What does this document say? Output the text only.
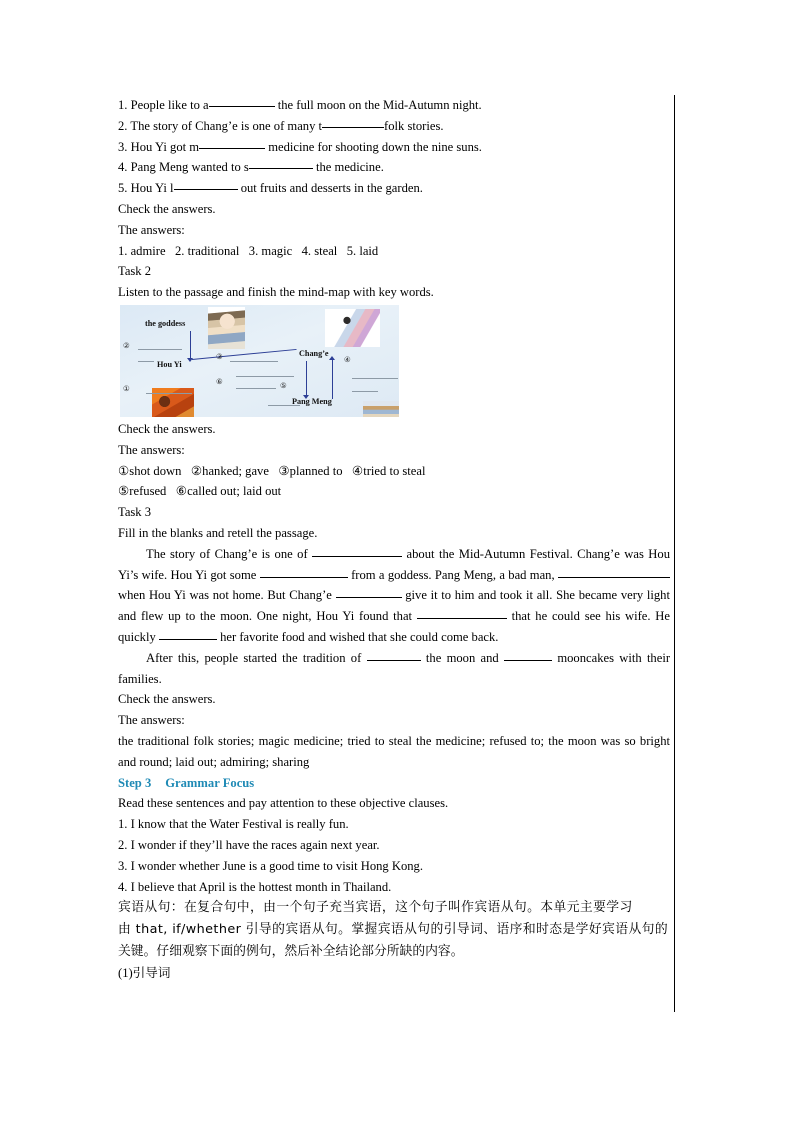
1. People like to a	the full moon on the Mid-Autumn night.
2. The story of Chang’e is one of many t	folk stories.
3. Hou Yi got m	medicine for shooting down the nine suns.
4. Pang Meng wanted to s	the medicine.
5. Hou Yi l	out fruits and desserts in the garden.
Check the answers.
The answers:
1. admire   2. traditional   3. magic   4. steal   5. laid
Task 2
Listen to the passage and finish the mind-map with key words.
the goddess
Hou Yi
Chang’e
Pang Meng
②
①
③
⑥
④
⑤
Check the answers.
The answers:
①shot down   ②hanked; gave   ③planned to   ④tried to steal
⑤refused   ⑥called out; laid out
Task 3
Fill in the blanks and retell the passage.
The story of Chang’e is one of	about the Mid-Autumn Festival. Chang’e was Hou Yi’s wife. Hou Yi got some	from a goddess. Pang Meng, a bad man, when Hou Yi was not home. But Chang’e	give it to him and took it all. She became very light and flew up to the moon. One night, Hou Yi found that	that he could see his wife. He quickly	her favorite food and wished that she could come back.
After this, people started the tradition of	the moon and	mooncakes with their families.
Check the answers.
The answers:
the traditional folk stories; magic medicine; tried to steal the medicine; refused to; the moon was so bright and round; laid out; admiring; sharing
Step 3 Grammar Focus
Read these sentences and pay attention to these objective clauses.
1. I know that the Water Festival is really fun.
2. I wonder if they’ll have the races again next year.
3. I wonder whether June is a good time to visit Hong Kong.
4. I believe that April is the hottest month in Thailand.
宾语从句：在复合句中，由一个句子充当宾语，这个句子叫作宾语从句。本单元主要学习
由 that, if/whether 引导的宾语从句。掌握宾语从句的引导词、语序和时态是学好宾语从句的
关键。仔细观察下面的例句，然后补全结论部分所缺的内容。
(1)引导词
